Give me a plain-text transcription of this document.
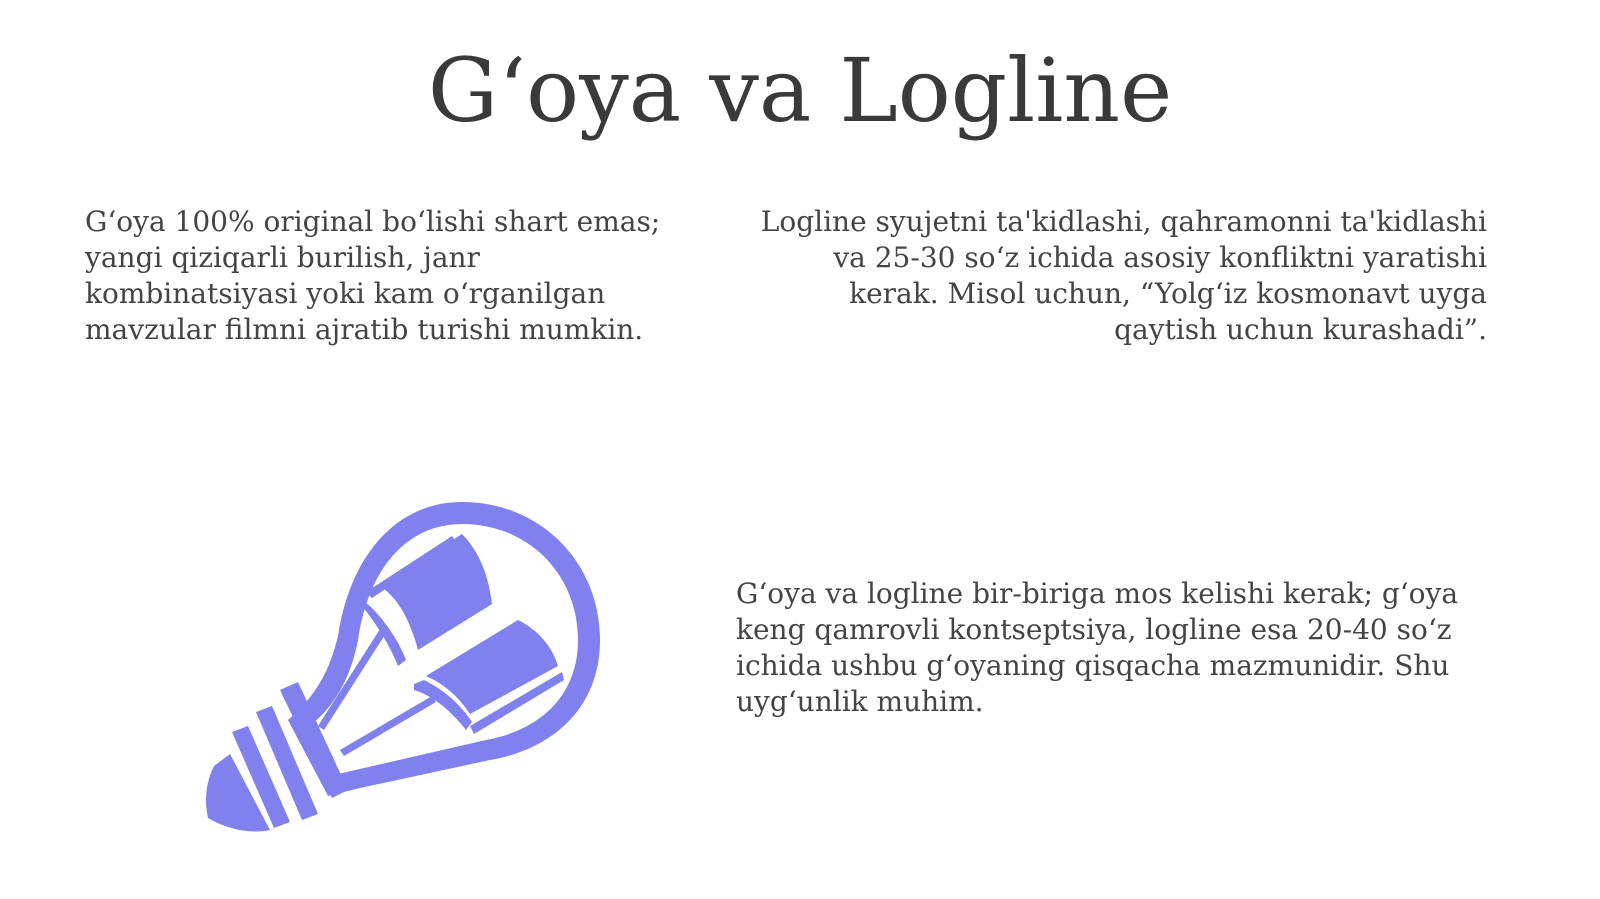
G‘oya va Logline

G‘oya 100% original bo‘lishi shart emas; yangi qiziqarli burilish, janr kombinatsiyasi yoki kam o‘rganilgan mavzular filmni ajratib turishi mumkin.

Logline syujetni ta'kidlashi, qahramonni ta'kidlashi va 25-30 so‘z ichida asosiy konfliktni yaratishi kerak. Misol uchun, “Yolg‘iz kosmonavt uyga qaytish uchun kurashadi”.

G‘oya va logline bir-biriga mos kelishi kerak; g‘oya keng qamrovli kontseptsiya, logline esa 20-40 so‘z ichida ushbu g‘oyaning qisqacha mazmunidir. Shu uyg‘unlik muhim.
